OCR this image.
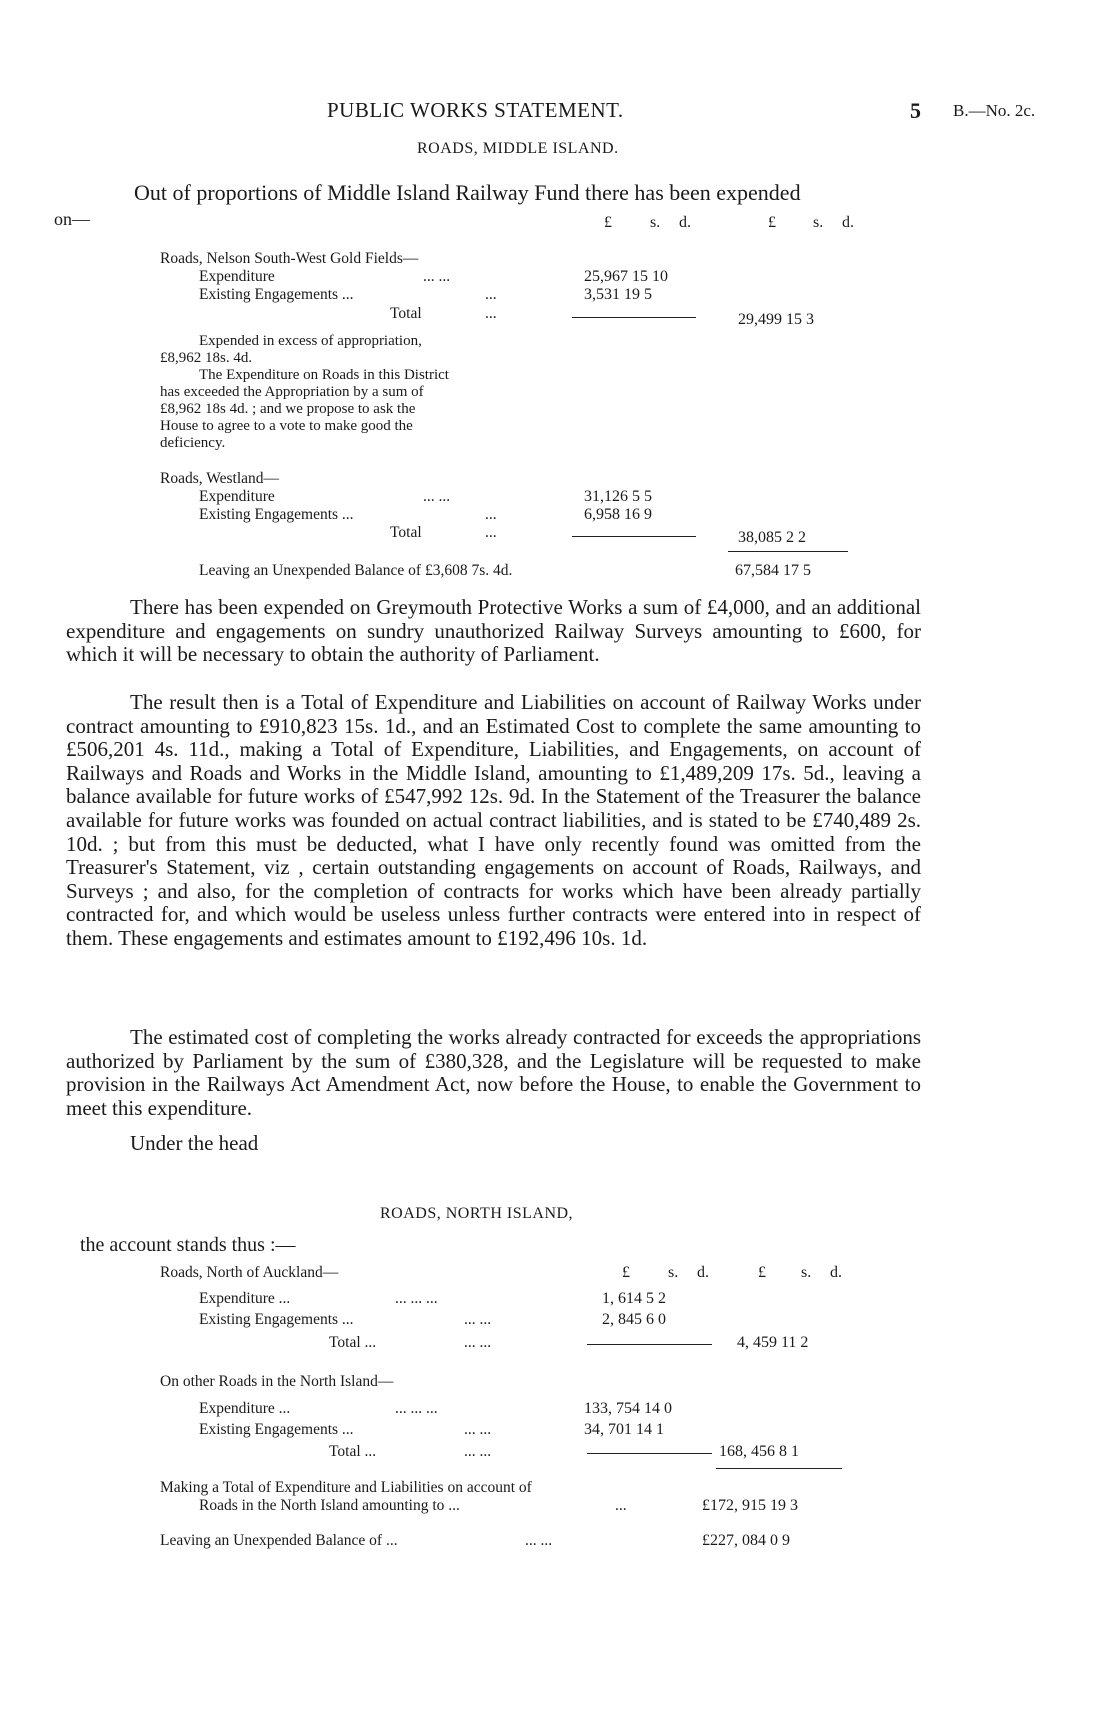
PUBLIC WORKS STATEMENT.	5 B.—No. 2c.
ROADS, MIDDLE ISLAND.
Out of proportions of Middle Island Railway Fund there has been expended
on—	£ s. d.	£ s. d.
Roads, Nelson South-West Gold Fields—
Expenditure	... ...	25,967 15 10
Existing Engagements ...	...	3,531 19 5
Total	...	29,499 15 3
Expended in excess of appropriation,
£8,962 18s. 4d.
The Expenditure on Roads in this District
has exceeded the Appropriation by a sum of
£8,962 18s 4d. ; and we propose to ask the
House to agree to a vote to make good the
deficiency.
Roads, Westland—
Expenditure	... ...	31,126 5 5
Existing Engagements ...	...	6,958 16 9
Total	...	38,085 2 2
Leaving an Unexpended Balance of £3,608 7s. 4d.	67,584 17 5
There has been expended on Greymouth Protective Works a sum of £4,000, and an additional expenditure and engagements on sundry unauthorized Railway Surveys amounting to £600, for which it will be necessary to obtain the authority of Parliament.
The result then is a Total of Expenditure and Liabilities on account of Railway Works under contract amounting to £910,823 15s. 1d., and an Estimated Cost to complete the same amounting to £506,201 4s. 11d., making a Total of Expenditure, Liabilities, and Engagements, on account of Railways and Roads and Works in the Middle Island, amounting to £1,489,209 17s. 5d., leaving a balance available for future works of £547,992 12s. 9d. In the Statement of the Treasurer the balance available for future works was founded on actual contract liabilities, and is stated to be £740,489 2s. 10d. ; but from this must be deducted, what I have only recently found was omitted from the Treasurer's Statement, viz , certain outstanding engagements on account of Roads, Railways, and Surveys ; and also, for the completion of contracts for works which have been already partially contracted for, and which would be useless unless further contracts were entered into in respect of them. These engagements and estimates amount to £192,496 10s. 1d.
The estimated cost of completing the works already contracted for exceeds the appropriations authorized by Parliament by the sum of £380,328, and the Legislature will be requested to make provision in the Railways Act Amendment Act, now before the House, to enable the Government to meet this expenditure.
Under the head
ROADS, NORTH ISLAND,
the account stands thus :—
£ s. d.	£ s. d.
Roads, North of Auckland—
Expenditure ...	... ... ...	1, 614 5 2
Existing Engagements ...	... ...	2, 845 6 0
Total ...	... ...	4, 459 11 2
On other Roads in the North Island—
Expenditure ...	... ... ...	133, 754 14 0
Existing Engagements ...	... ...	34, 701 14 1
Total ...	... ...	168, 456 8 1
Making a Total of Expenditure and Liabilities on account of
Roads in the North Island amounting to ...	...	£172, 915 19 3
Leaving an Unexpended Balance of ...	... ...	£227, 084 0 9
